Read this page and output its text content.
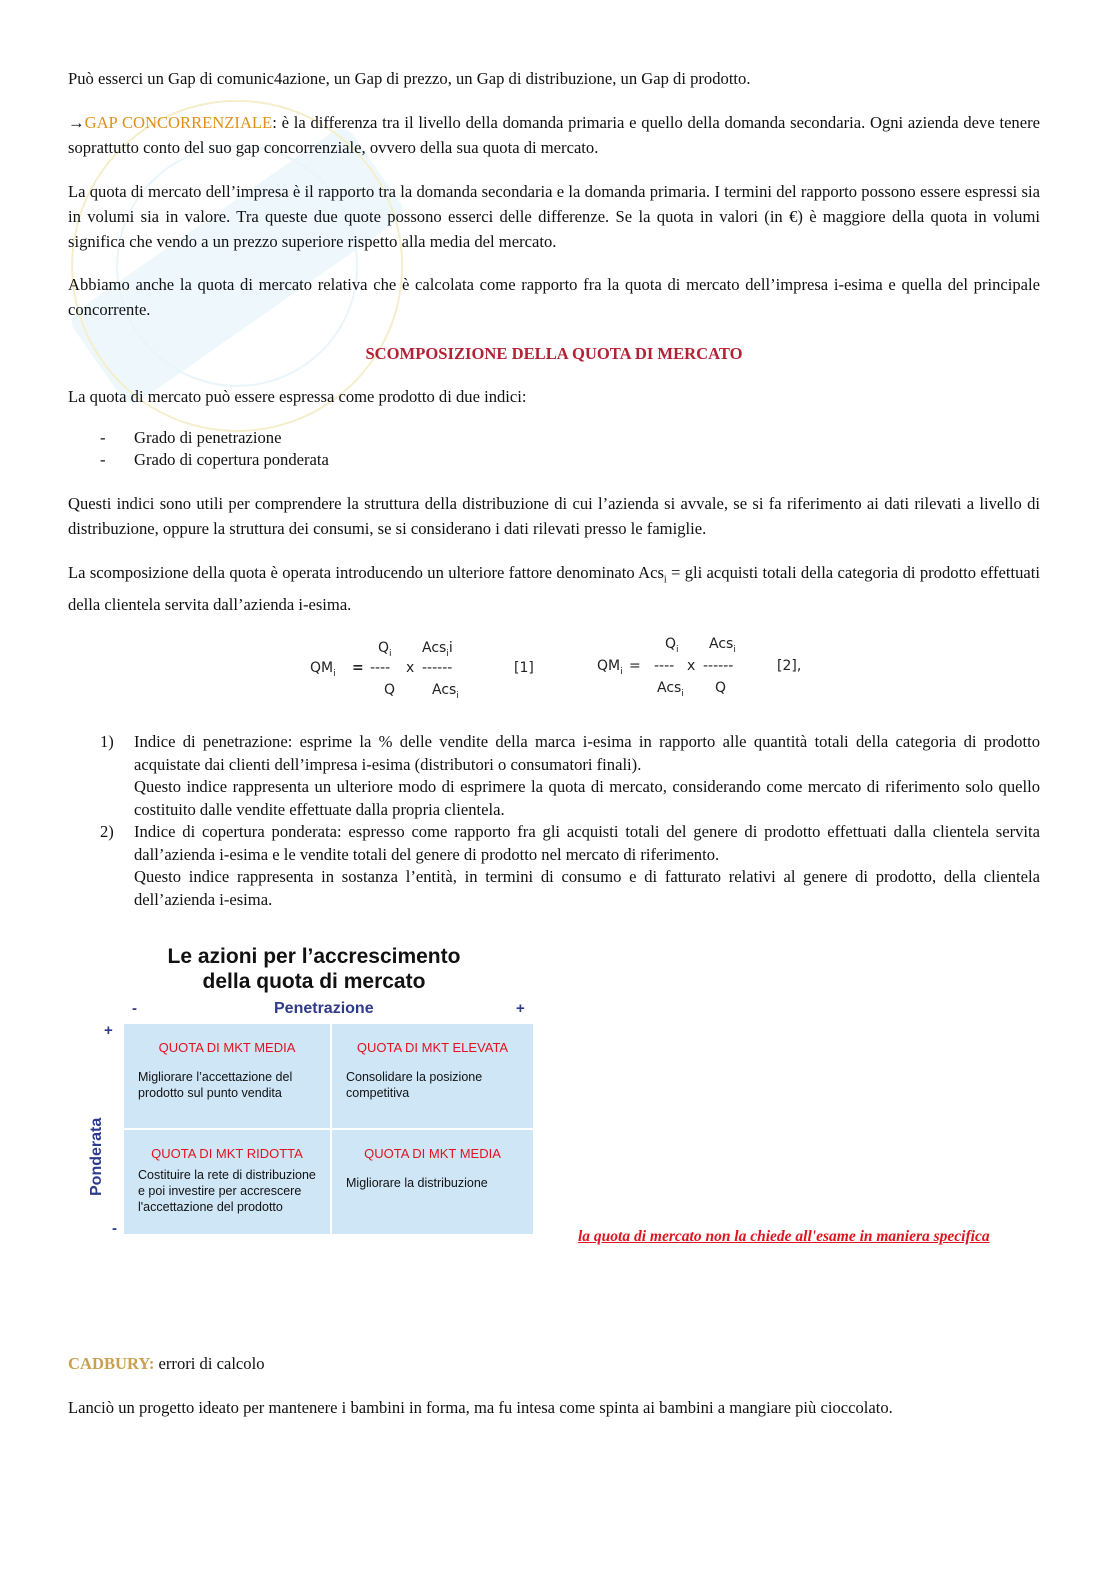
Può esserci un Gap di comunic4azione, un Gap di prezzo, un Gap di distribuzione, un Gap di prodotto.

→GAP CONCORRENZIALE: è la differenza tra il livello della domanda primaria e quello della domanda secondaria. Ogni azienda deve tenere soprattutto conto del suo gap concorrenziale, ovvero della sua quota di mercato.

La quota di mercato dell’impresa è il rapporto tra la domanda secondaria e la domanda primaria. I termini del rapporto possono essere espressi sia in volumi sia in valore. Tra queste due quote possono esserci delle differenze. Se la quota in valori (in €) è maggiore della quota in volumi significa che vendo a un prezzo superiore rispetto alla media del mercato.

Abbiamo anche la quota di mercato relativa che è calcolata come rapporto fra la quota di mercato dell’impresa i-esima e quella del principale concorrente.

SCOMPOSIZIONE DELLA QUOTA DI MERCATO

La quota di mercato può essere espressa come prodotto di due indici:

-	Grado di penetrazione
-	Grado di copertura ponderata

Questi indici sono utili per comprendere la struttura della distribuzione di cui l’azienda si avvale, se si fa riferimento ai dati rilevati a livello di distribuzione, oppure la struttura dei consumi, se si considerano i dati rilevati presso le famiglie.

La scomposizione della quota è operata introducendo un ulteriore fattore denominato Acs$_i$ = gli acquisti totali della categoria di prodotto effettuati della clientela servita dall’azienda i-esima.

$QM_i$ =
$Q_i$ Acs$_i$i
---- x ------
Q	Acs$_i$
[1]	$QM_i$ =
$Q_i$ Acs$_i$
---- x ------
Acs$_i$ Q
[2],
1)	Indice di penetrazione: esprime la % delle vendite della marca i-esima in rapporto alle quantità totali della categoria di prodotto acquistate dai clienti dell’impresa i-esima (distributori o consumatori finali).
Questo indice rappresenta un ulteriore modo di esprimere la quota di mercato, considerando come mercato di riferimento solo quello costituito dalle vendite effettuate dalla propria clientela.
2)	Indice di copertura ponderata: espresso come rapporto fra gli acquisti totali del genere di prodotto effettuati dalla clientela servita dall’azienda i-esima e le vendite totali del genere di prodotto nel mercato di riferimento.
Questo indice rappresenta in sostanza l’entità, in termini di consumo e di fatturato relativi al genere di prodotto, della clientela dell’azienda i-esima.
Le azioni per l’accrescimento
della quota di mercato
-	Penetrazione	+
+
Ponderata
-
QUOTA DI MKT MEDIA
Migliorare l’accettazione del prodotto sul punto vendita
QUOTA DI MKT ELEVATA
Consolidare la posizione competitiva
QUOTA DI MKT RIDOTTA
Costituire la rete di distribuzione e poi investire per accrescere l'accettazione del prodotto
QUOTA DI MKT MEDIA
Migliorare la distribuzione
la quota di mercato non la chiede all'esame in maniera specifica

CADBURY: errori di calcolo

Lanciò un progetto ideato per mantenere i bambini in forma, ma fu intesa come spinta ai bambini a mangiare più cioccolato.
